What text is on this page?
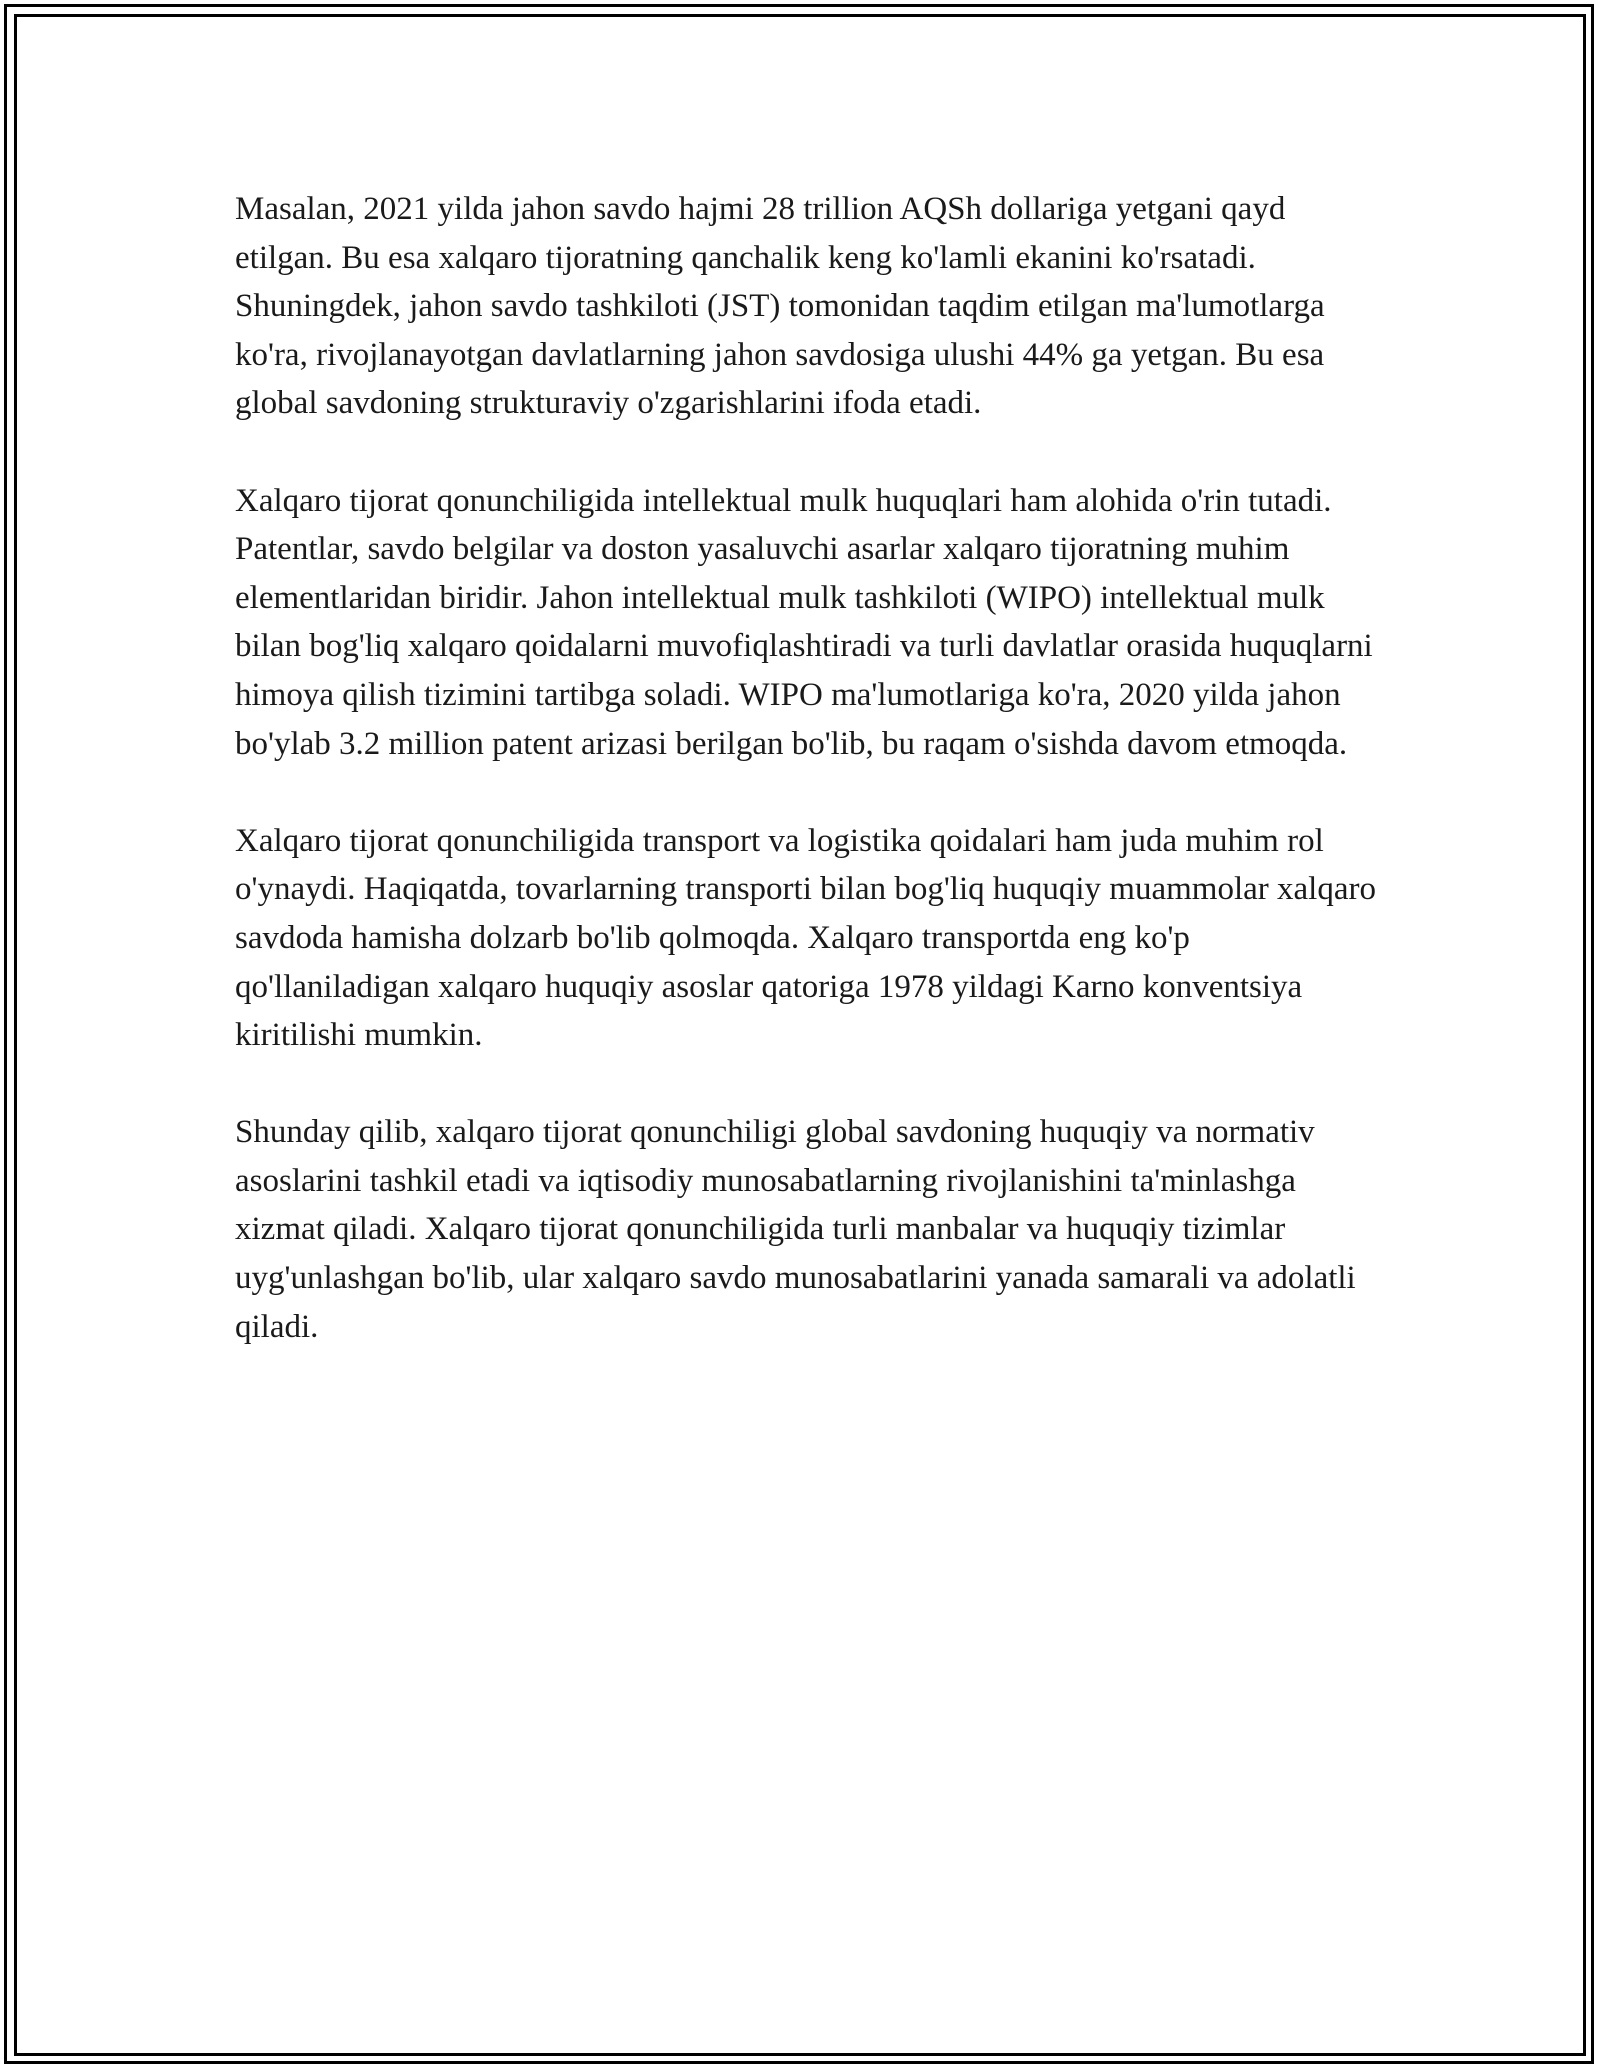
Masalan, 2021 yilda jahon savdo hajmi 28 trillion AQSh dollariga yetgani qayd etilgan. Bu esa xalqaro tijoratning qanchalik keng ko'lamli ekanini ko'rsatadi. Shuningdek, jahon savdo tashkiloti (JST) tomonidan taqdim etilgan ma'lumotlarga ko'ra, rivojlanayotgan davlatlarning jahon savdosiga ulushi 44% ga yetgan. Bu esa global savdoning strukturaviy o'zgarishlarini ifoda etadi.

Xalqaro tijorat qonunchiligida intellektual mulk huquqlari ham alohida o'rin tutadi. Patentlar, savdo belgilar va doston yasaluvchi asarlar xalqaro tijoratning muhim elementlaridan biridir. Jahon intellektual mulk tashkiloti (WIPO) intellektual mulk bilan bog'liq xalqaro qoidalarni muvofiqlashtiradi va turli davlatlar orasida huquqlarni himoya qilish tizimini tartibga soladi. WIPO ma'lumotlariga ko'ra, 2020 yilda jahon bo'ylab 3.2 million patent arizasi berilgan bo'lib, bu raqam o'sishda davom etmoqda.

Xalqaro tijorat qonunchiligida transport va logistika qoidalari ham juda muhim rol o'ynaydi. Haqiqatda, tovarlarning transporti bilan bog'liq huquqiy muammolar xalqaro savdoda hamisha dolzarb bo'lib qolmoqda. Xalqaro transportda eng ko'p qo'llaniladigan xalqaro huquqiy asoslar qatoriga 1978 yildagi Karno konventsiya kiritilishi mumkin.

Shunday qilib, xalqaro tijorat qonunchiligi global savdoning huquqiy va normativ asoslarini tashkil etadi va iqtisodiy munosabatlarning rivojlanishini ta'minlashga xizmat qiladi. Xalqaro tijorat qonunchiligida turli manbalar va huquqiy tizimlar uyg'unlashgan bo'lib, ular xalqaro savdo munosabatlarini yanada samarali va adolatli qiladi.
